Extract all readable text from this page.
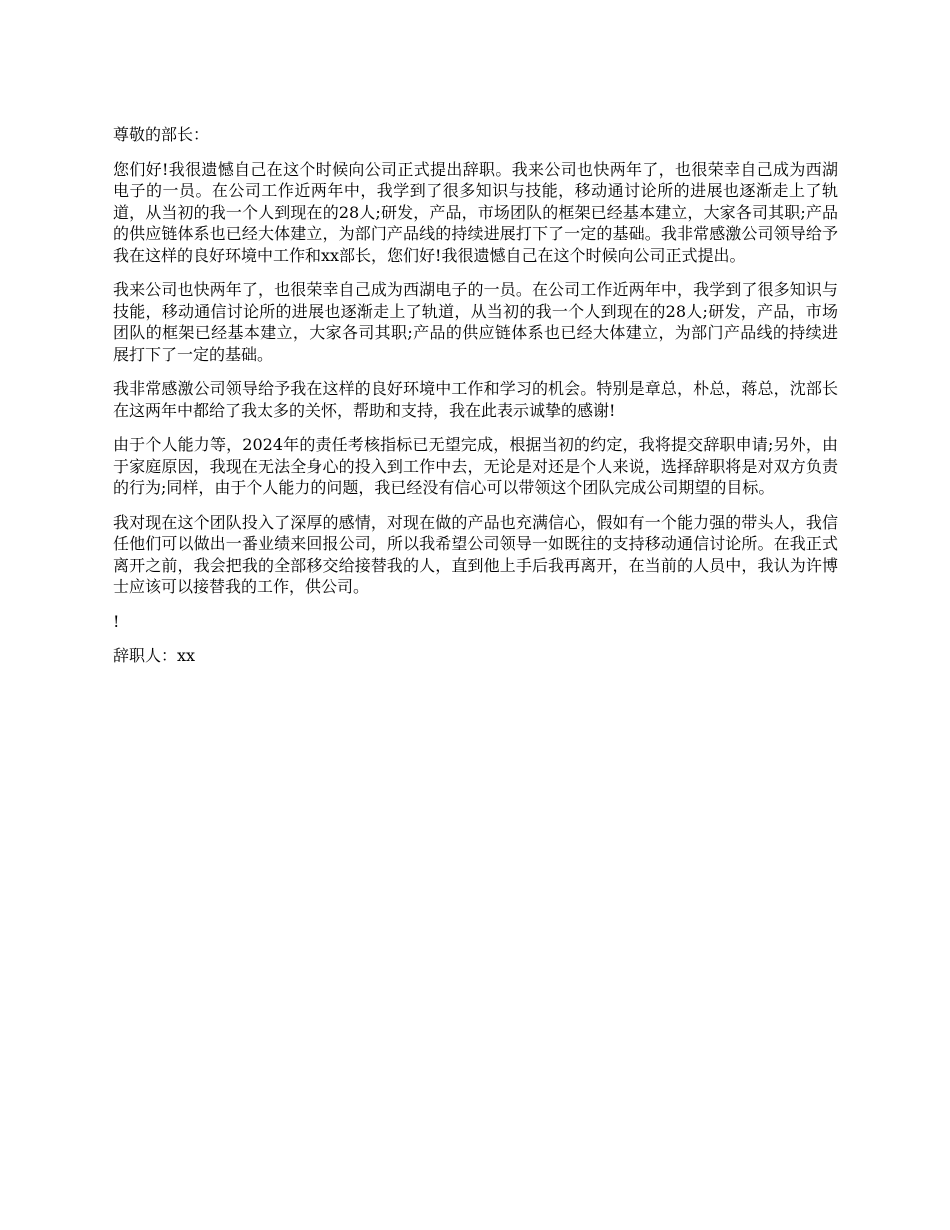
尊敬的部长：

您们好!我很遗憾自己在这个时候向公司正式提出辞职。我来公司也快两年了，也很荣幸自己成为西湖电子的一员。在公司工作近两年中，我学到了很多知识与技能，移动通讨论所的进展也逐渐走上了轨道，从当初的我一个人到现在的28人;研发，产品，市场团队的框架已经基本建立，大家各司其职;产品的供应链体系也已经大体建立，为部门产品线的持续进展打下了一定的基础。我非常感激公司领导给予我在这样的良好环境中工作和xx部长，您们好!我很遗憾自己在这个时候向公司正式提出。

我来公司也快两年了，也很荣幸自己成为西湖电子的一员。在公司工作近两年中，我学到了很多知识与技能，移动通信讨论所的进展也逐渐走上了轨道，从当初的我一个人到现在的28人;研发，产品，市场团队的框架已经基本建立，大家各司其职;产品的供应链体系也已经大体建立，为部门产品线的持续进展打下了一定的基础。

我非常感激公司领导给予我在这样的良好环境中工作和学习的机会。特别是章总，朴总，蒋总，沈部长在这两年中都给了我太多的关怀，帮助和支持，我在此表示诚挚的感谢!

由于个人能力等，2024年的责任考核指标已无望完成，根据当初的约定，我将提交辞职申请;另外，由于家庭原因，我现在无法全身心的投入到工作中去，无论是对还是个人来说，选择辞职将是对双方负责的行为;同样，由于个人能力的问题，我已经没有信心可以带领这个团队完成公司期望的目标。

我对现在这个团队投入了深厚的感情，对现在做的产品也充满信心，假如有一个能力强的带头人，我信任他们可以做出一番业绩来回报公司，所以我希望公司领导一如既往的支持移动通信讨论所。在我正式离开之前，我会把我的全部移交给接替我的人，直到他上手后我再离开，在当前的人员中，我认为许博士应该可以接替我的工作，供公司。

!

辞职人：xx
